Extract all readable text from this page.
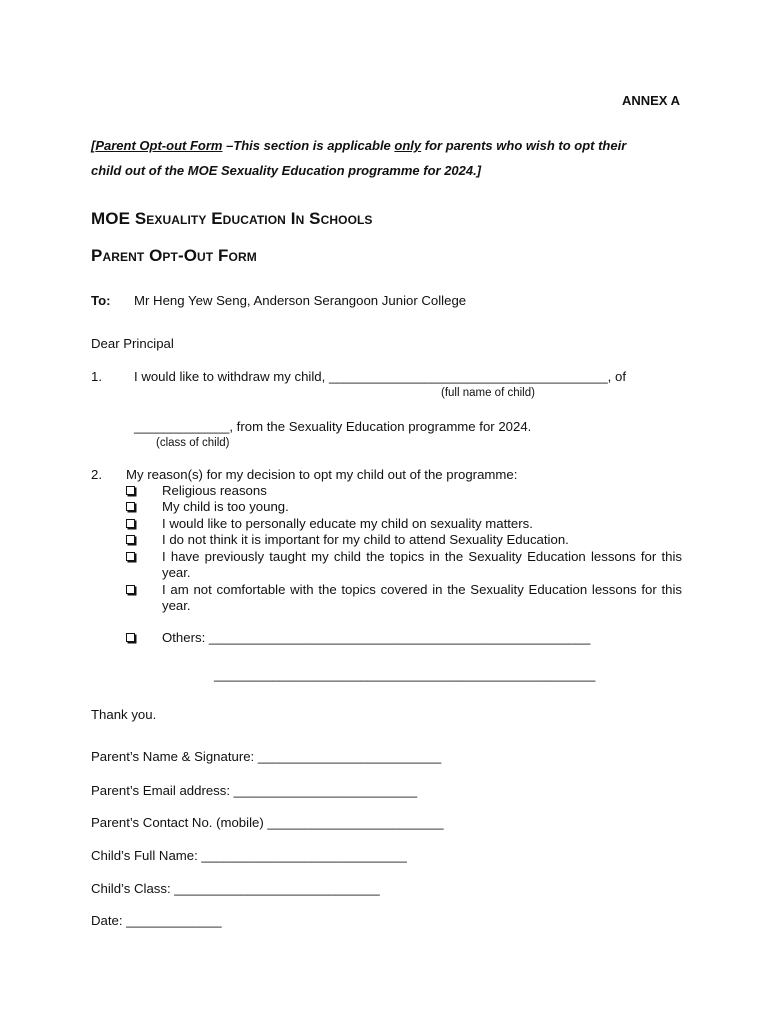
ANNEX A
[Parent Opt-out Form –This section is applicable only for parents who wish to opt their
child out of the MOE Sexuality Education programme for 2024.]
MOE Sexuality Education In Schools
Parent Opt-Out Form
To: Mr Heng Yew Seng, Anderson Serangoon Junior College
Dear Principal
1. I would like to withdraw my child, ______________________________________, of
(full name of child)
_____________, from the Sexuality Education programme for 2024.
(class of child)
2. My reason(s) for my decision to opt my child out of the programme:
Religious reasons
My child is too young.
I would like to personally educate my child on sexuality matters.
I do not think it is important for my child to attend Sexuality Education.
I have previously taught my child the topics in the Sexuality Education lessons for this year.
I am not comfortable with the topics covered in the Sexuality Education lessons for this year.
Others: ____________________________________________________
____________________________________________________
Thank you.
Parent’s Name & Signature: _________________________
Parent’s Email address: _________________________
Parent’s Contact No. (mobile) ________________________
Child’s Full Name: ____________________________
Child’s Class: ____________________________
Date: _____________
